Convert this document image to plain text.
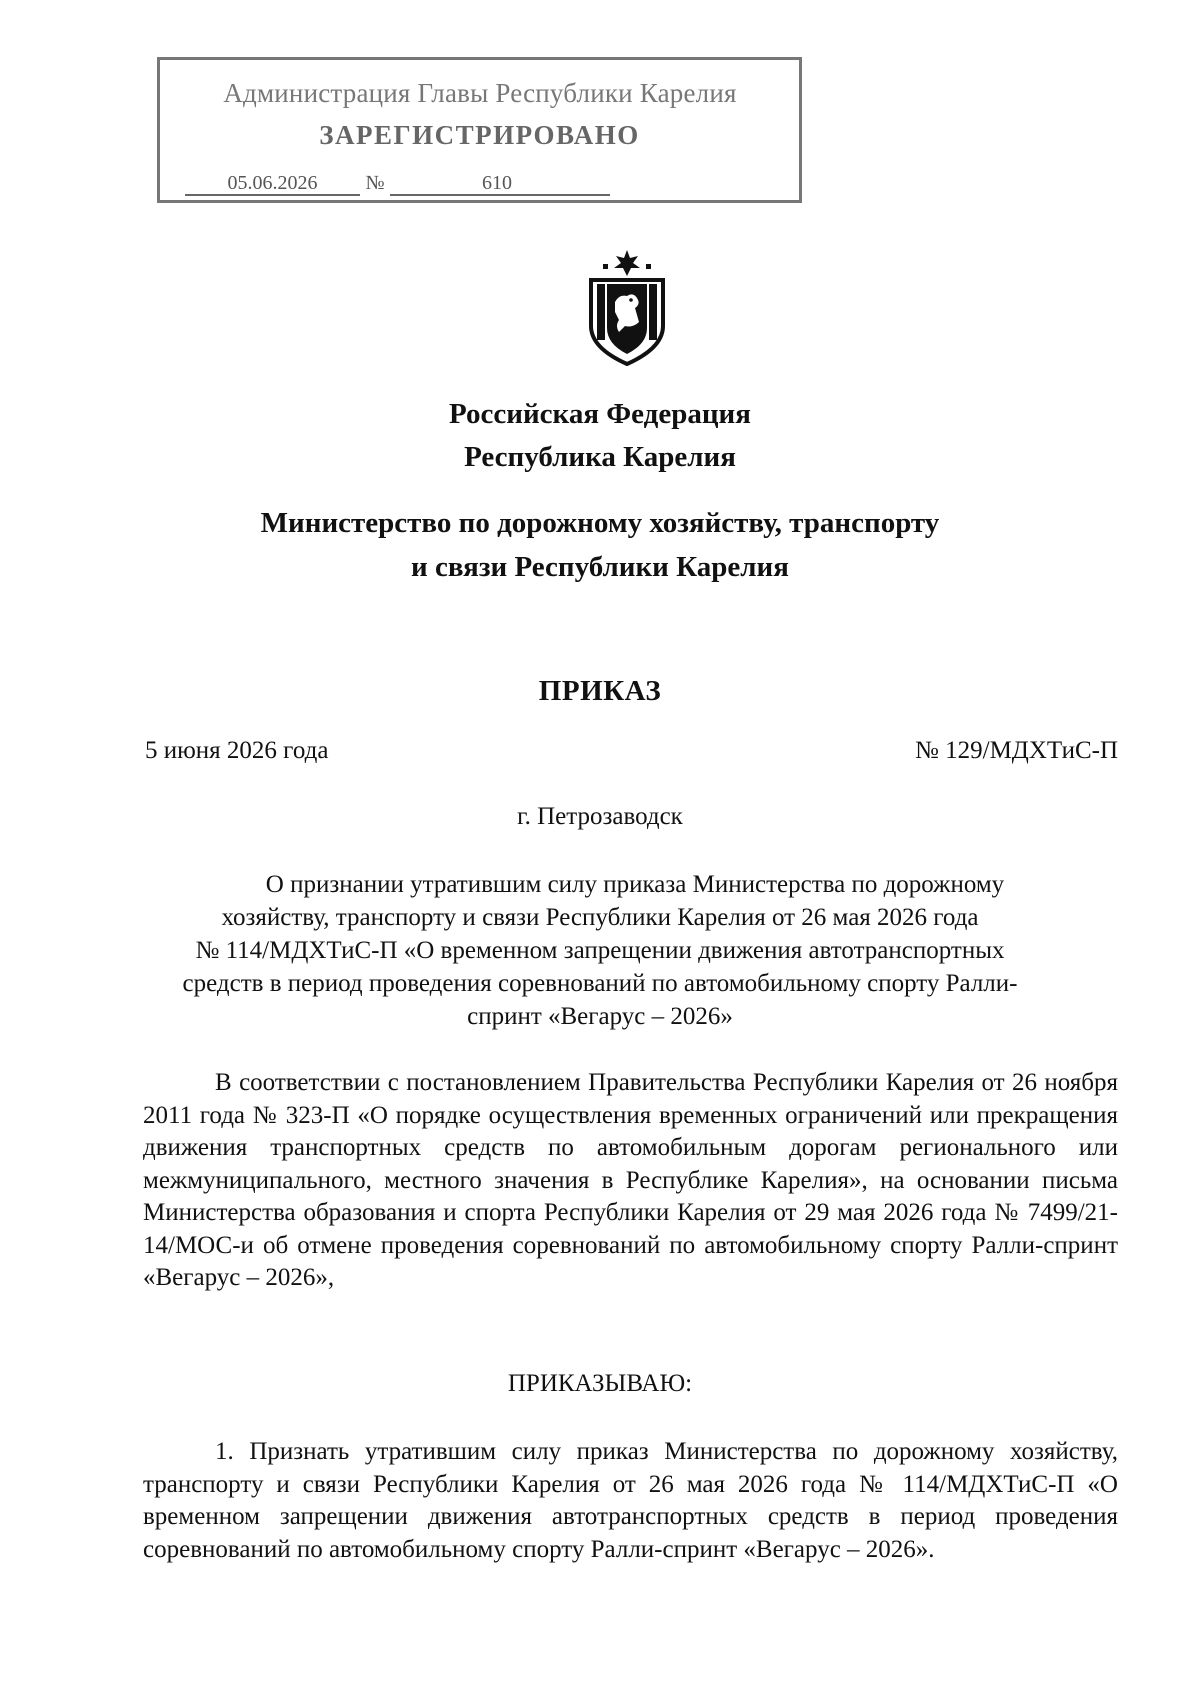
Администрация Главы Республики Карелия
ЗАРЕГИСТРИРОВАНО
05.06.2026	№	610
Российская Федерация
Республика Карелия
Министерство по дорожному хозяйству, транспорту
и связи Республики Карелия
ПРИКАЗ
5 июня 2026 года	№ 129/МДХТиС-П
г. Петрозаводск
О признании утратившим силу приказа Министерства по дорожному
хозяйству, транспорту и связи Республики Карелия от 26 мая 2026 года
№ 114/МДХТиС-П «О временном запрещении движения автотранспортных
средств в период проведения соревнований по автомобильному спорту Ралли-
спринт «Вегарус – 2026»
В соответствии с постановлением Правительства Республики Карелия от 26 ноября 2011 года № 323-П «О порядке осуществления временных ограничений или прекращения движения транспортных средств по автомобильным дорогам регионального или межмуниципального, местного значения в Республике Карелия», на основании письма Министерства образования и спорта Республики Карелия от 29 мая 2026 года № 7499/21-14/МОС-и об отмене проведения соревнований по автомобильному спорту Ралли-спринт «Вегарус – 2026»,
ПРИКАЗЫВАЮ:
1. Признать утратившим силу приказ Министерства по дорожному хозяйству, транспорту и связи Республики Карелия от 26 мая 2026 года № 114/МДХТиС-П «О временном запрещении движения автотранспортных средств в период проведения соревнований по автомобильному спорту Ралли-спринт «Вегарус – 2026».
